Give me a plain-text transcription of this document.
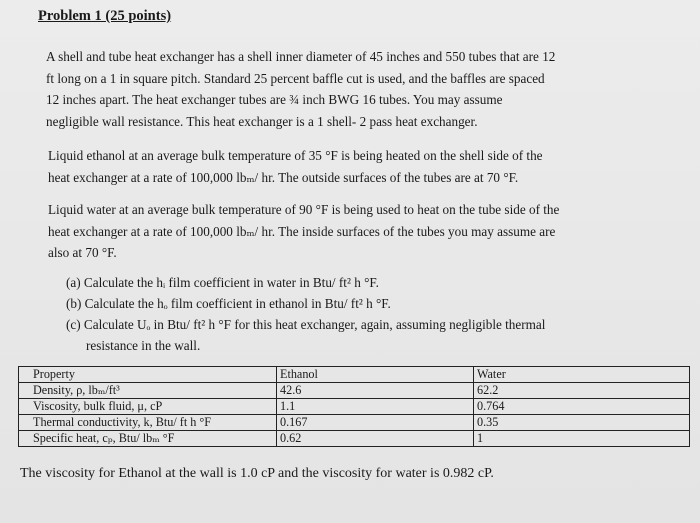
Problem 1 (25 points)
A shell and tube heat exchanger has a shell inner diameter of 45 inches and 550 tubes that are 12
ft long on a 1 in square pitch. Standard 25 percent baffle cut is used, and the baffles are spaced
12 inches apart. The heat exchanger tubes are ¾ inch BWG 16 tubes. You may assume
negligible wall resistance. This heat exchanger is a 1 shell- 2 pass heat exchanger.
Liquid ethanol at an average bulk temperature of 35 °F is being heated on the shell side of the
heat exchanger at a rate of 100,000 lbₘ/ hr. The outside surfaces of the tubes are at 70 °F.
Liquid water at an average bulk temperature of 90 °F is being used to heat on the tube side of the
heat exchanger at a rate of 100,000 lbₘ/ hr. The inside surfaces of the tubes you may assume are
also at 70 °F.
(a) Calculate the hᵢ film coefficient in water in Btu/ ft² h °F.
(b) Calculate the hₒ film coefficient in ethanol in Btu/ ft² h °F.
(c) Calculate Uₒ in Btu/ ft² h °F for this heat exchanger, again, assuming negligible thermal
resistance in the wall.
Property	Ethanol	Water
Density, ρ, lbₘ/ft³	42.6	62.2
Viscosity, bulk fluid, μ, cP	1.1	0.764
Thermal conductivity, k, Btu/ ft h °F	0.167	0.35
Specific heat, cₚ, Btu/ lbₘ °F	0.62	1
The viscosity for Ethanol at the wall is 1.0 cP and the viscosity for water is 0.982 cP.
